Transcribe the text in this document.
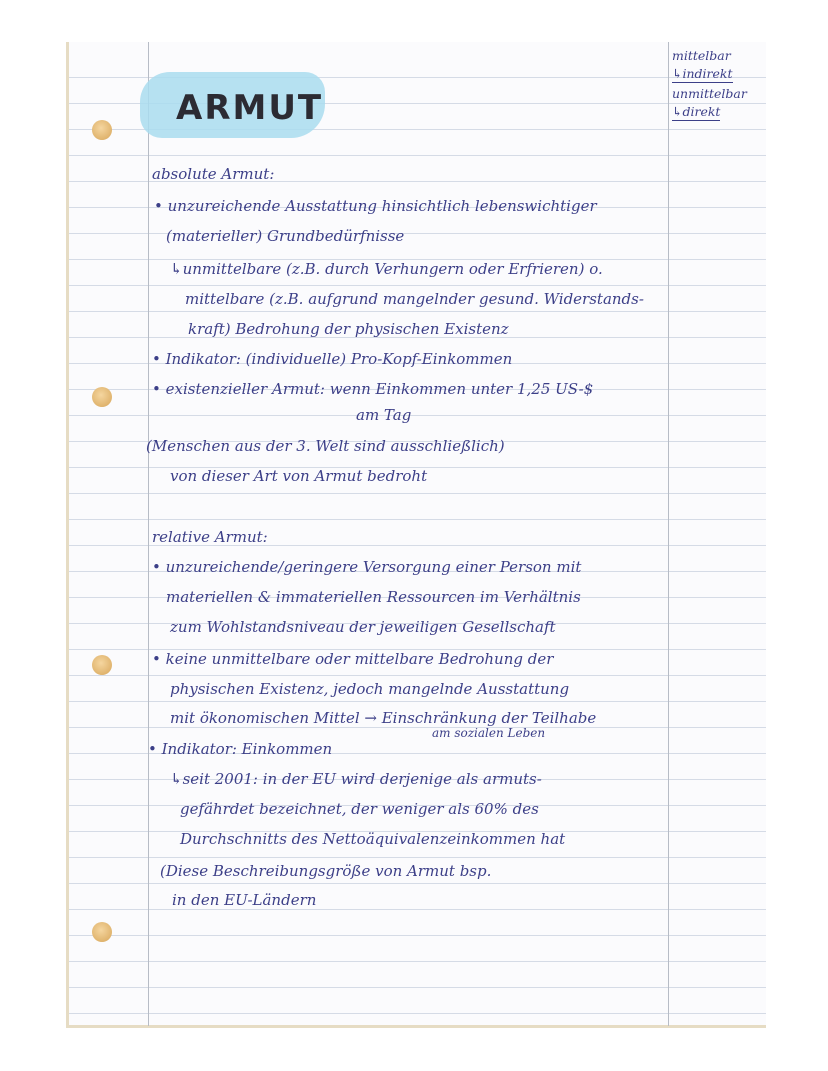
ARMUT
mittelbar
↳indirekt
unmittelbar
↳direkt
absolute Armut:
• unzureichende Ausstattung hinsichtlich lebenswichtiger
(materieller) Grundbedürfnisse
↳unmittelbare (z.B. durch Verhungern oder Erfrieren) o.
mittelbare (z.B. aufgrund mangelnder gesund. Widerstands-
kraft) Bedrohung der physischen Existenz
• Indikator: (individuelle) Pro-Kopf-Einkommen
• existenzieller Armut: wenn Einkommen unter 1,25 US-$
am Tag
(Menschen aus der 3. Welt sind ausschließlich)
von dieser Art von Armut bedroht
relative Armut:
• unzureichende/geringere Versorgung einer Person mit
materiellen & immateriellen Ressourcen im Verhältnis
zum Wohlstandsniveau der jeweiligen Gesellschaft
• keine unmittelbare oder mittelbare Bedrohung der
physischen Existenz, jedoch mangelnde Ausstattung
mit ökonomischen Mittel → Einschränkung der Teilhabe
am sozialen Leben
• Indikator: Einkommen
↳seit 2001: in der EU wird derjenige als armuts-
gefährdet bezeichnet, der weniger als 60% des
Durchschnitts des Nettoäquivalenzeinkommen hat
(Diese Beschreibungsgröße von Armut bsp.
in den EU-Ländern
